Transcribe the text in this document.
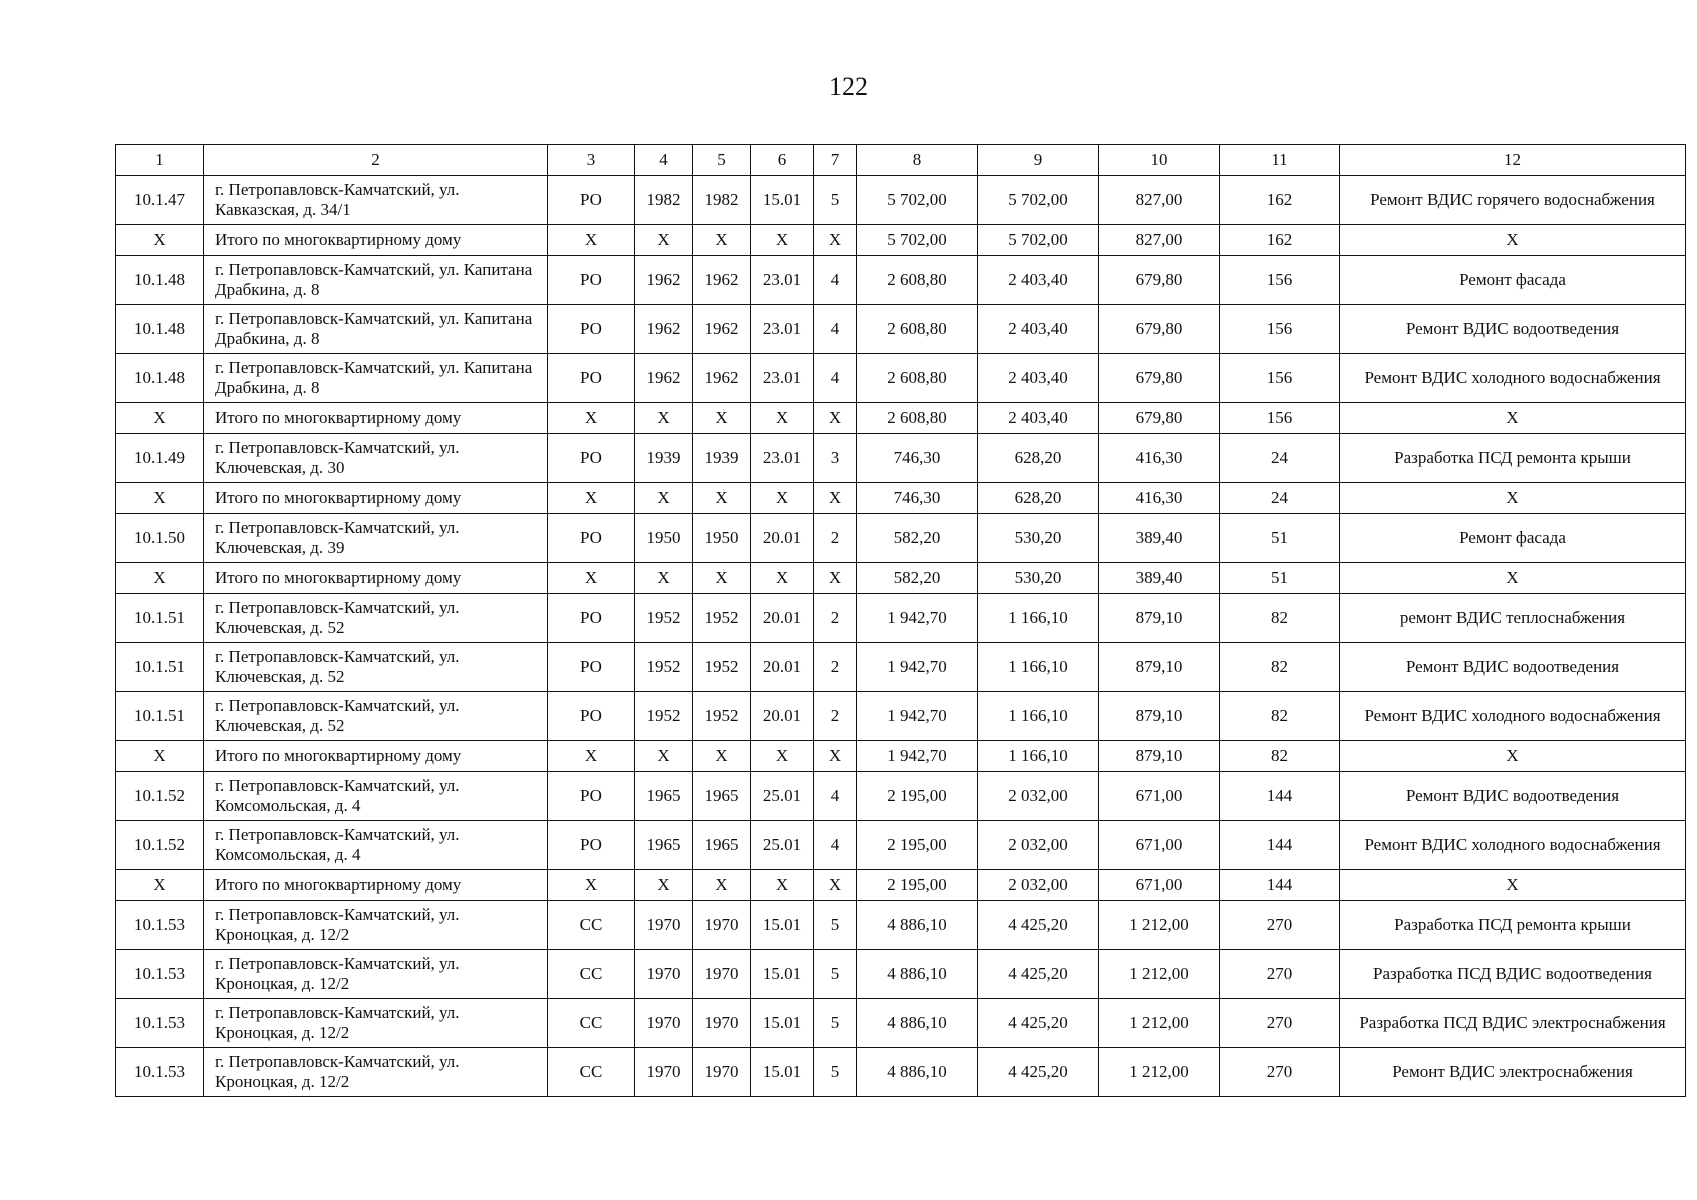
122
1	2	3	4	5	6	7	8	9	10	11	12
10.1.47	г. Петропавловск-Камчатский, ул. Кавказская, д. 34/1	РО	1982	1982	15.01	5	5 702,00	5 702,00	827,00	162	Ремонт ВДИС горячего водоснабжения
Х	Итого по многоквартирному дому	Х	Х	Х	Х	Х	5 702,00	5 702,00	827,00	162	Х
10.1.48	г. Петропавловск-Камчатский, ул. Капитана Драбкина, д. 8	РО	1962	1962	23.01	4	2 608,80	2 403,40	679,80	156	Ремонт фасада
10.1.48	г. Петропавловск-Камчатский, ул. Капитана Драбкина, д. 8	РО	1962	1962	23.01	4	2 608,80	2 403,40	679,80	156	Ремонт ВДИС водоотведения
10.1.48	г. Петропавловск-Камчатский, ул. Капитана Драбкина, д. 8	РО	1962	1962	23.01	4	2 608,80	2 403,40	679,80	156	Ремонт ВДИС холодного водоснабжения
Х	Итого по многоквартирному дому	Х	Х	Х	Х	Х	2 608,80	2 403,40	679,80	156	Х
10.1.49	г. Петропавловск-Камчатский, ул. Ключевская, д. 30	РО	1939	1939	23.01	3	746,30	628,20	416,30	24	Разработка ПСД ремонта крыши
Х	Итого по многоквартирному дому	Х	Х	Х	Х	Х	746,30	628,20	416,30	24	Х
10.1.50	г. Петропавловск-Камчатский, ул. Ключевская, д. 39	РО	1950	1950	20.01	2	582,20	530,20	389,40	51	Ремонт фасада
Х	Итого по многоквартирному дому	Х	Х	Х	Х	Х	582,20	530,20	389,40	51	Х
10.1.51	г. Петропавловск-Камчатский, ул. Ключевская, д. 52	РО	1952	1952	20.01	2	1 942,70	1 166,10	879,10	82	ремонт ВДИС теплоснабжения
10.1.51	г. Петропавловск-Камчатский, ул. Ключевская, д. 52	РО	1952	1952	20.01	2	1 942,70	1 166,10	879,10	82	Ремонт ВДИС водоотведения
10.1.51	г. Петропавловск-Камчатский, ул. Ключевская, д. 52	РО	1952	1952	20.01	2	1 942,70	1 166,10	879,10	82	Ремонт ВДИС холодного водоснабжения
Х	Итого по многоквартирному дому	Х	Х	Х	Х	Х	1 942,70	1 166,10	879,10	82	Х
10.1.52	г. Петропавловск-Камчатский, ул. Комсомольская, д. 4	РО	1965	1965	25.01	4	2 195,00	2 032,00	671,00	144	Ремонт ВДИС водоотведения
10.1.52	г. Петропавловск-Камчатский, ул. Комсомольская, д. 4	РО	1965	1965	25.01	4	2 195,00	2 032,00	671,00	144	Ремонт ВДИС холодного водоснабжения
Х	Итого по многоквартирному дому	Х	Х	Х	Х	Х	2 195,00	2 032,00	671,00	144	Х
10.1.53	г. Петропавловск-Камчатский, ул. Кроноцкая, д. 12/2	СС	1970	1970	15.01	5	4 886,10	4 425,20	1 212,00	270	Разработка ПСД ремонта крыши
10.1.53	г. Петропавловск-Камчатский, ул. Кроноцкая, д. 12/2	СС	1970	1970	15.01	5	4 886,10	4 425,20	1 212,00	270	Разработка ПСД ВДИС водоотведения
10.1.53	г. Петропавловск-Камчатский, ул. Кроноцкая, д. 12/2	СС	1970	1970	15.01	5	4 886,10	4 425,20	1 212,00	270	Разработка ПСД ВДИС электроснабжения
10.1.53	г. Петропавловск-Камчатский, ул. Кроноцкая, д. 12/2	СС	1970	1970	15.01	5	4 886,10	4 425,20	1 212,00	270	Ремонт ВДИС электроснабжения
